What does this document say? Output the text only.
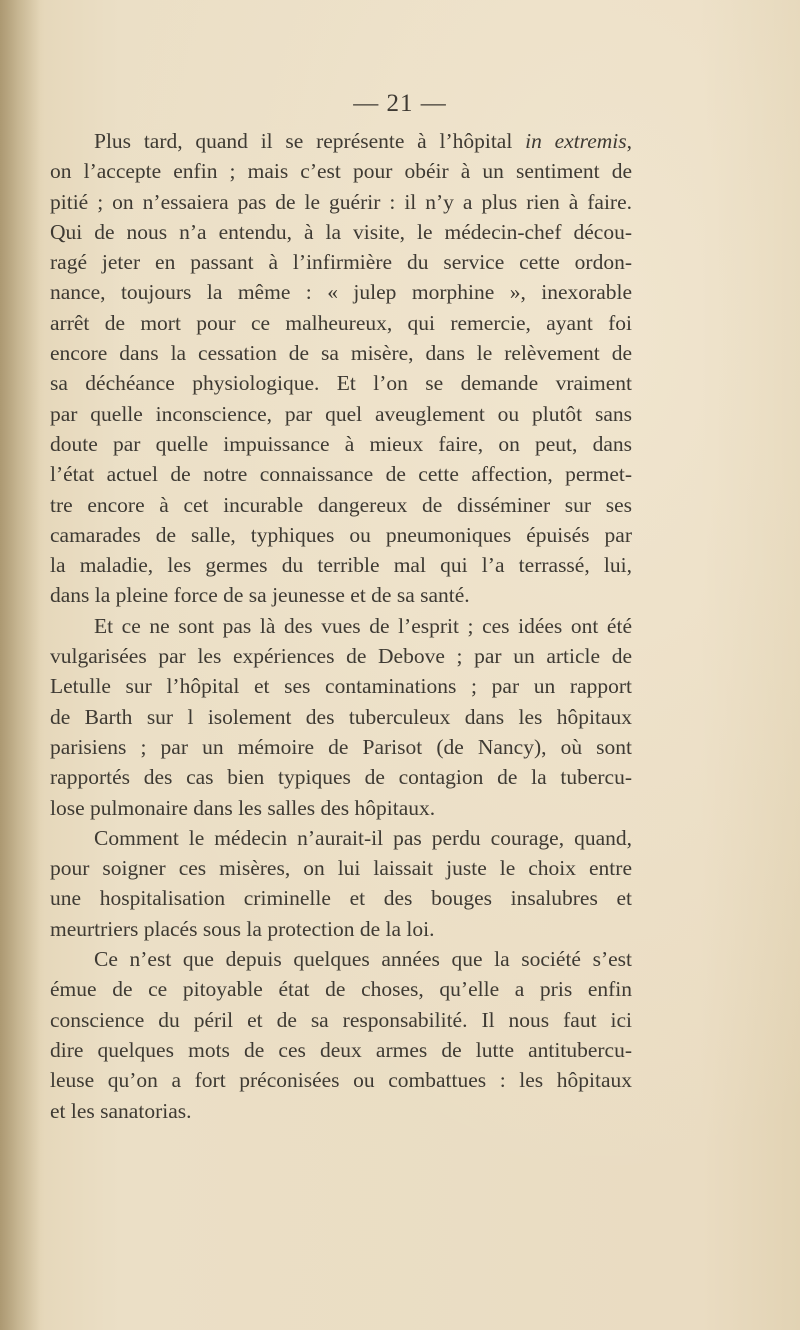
— 21 —
Plus tard, quand il se représente à l’hôpital in extremis,
on l’accepte enfin ; mais c’est pour obéir à un sentiment de
pitié ; on n’essaiera pas de le guérir : il n’y a plus rien à faire.
Qui de nous n’a entendu, à la visite, le médecin-chef décou-
ragé jeter en passant à l’infirmière du service cette ordon-
nance, toujours la même : « julep morphine », inexorable
arrêt de mort pour ce malheureux, qui remercie, ayant foi
encore dans la cessation de sa misère, dans le relèvement de
sa déchéance physiologique. Et l’on se demande vraiment
par quelle inconscience, par quel aveuglement ou plutôt sans
doute par quelle impuissance à mieux faire, on peut, dans
l’état actuel de notre connaissance de cette affection, permet-
tre encore à cet incurable dangereux de disséminer sur ses
camarades de salle, typhiques ou pneumoniques épuisés par
la maladie, les germes du terrible mal qui l’a terrassé, lui,
dans la pleine force de sa jeunesse et de sa santé.
Et ce ne sont pas là des vues de l’esprit ; ces idées ont été
vulgarisées par les expériences de Debove ; par un article de
Letulle sur l’hôpital et ses contaminations ; par un rapport
de Barth sur l isolement des tuberculeux dans les hôpitaux
parisiens ; par un mémoire de Parisot (de Nancy), où sont
rapportés des cas bien typiques de contagion de la tubercu-
lose pulmonaire dans les salles des hôpitaux.
Comment le médecin n’aurait-il pas perdu courage, quand,
pour soigner ces misères, on lui laissait juste le choix entre
une hospitalisation criminelle et des bouges insalubres et
meurtriers placés sous la protection de la loi.
Ce n’est que depuis quelques années que la société s’est
émue de ce pitoyable état de choses, qu’elle a pris enfin
conscience du péril et de sa responsabilité. Il nous faut ici
dire quelques mots de ces deux armes de lutte antitubercu-
leuse qu’on a fort préconisées ou combattues : les hôpitaux
et les sanatorias.
